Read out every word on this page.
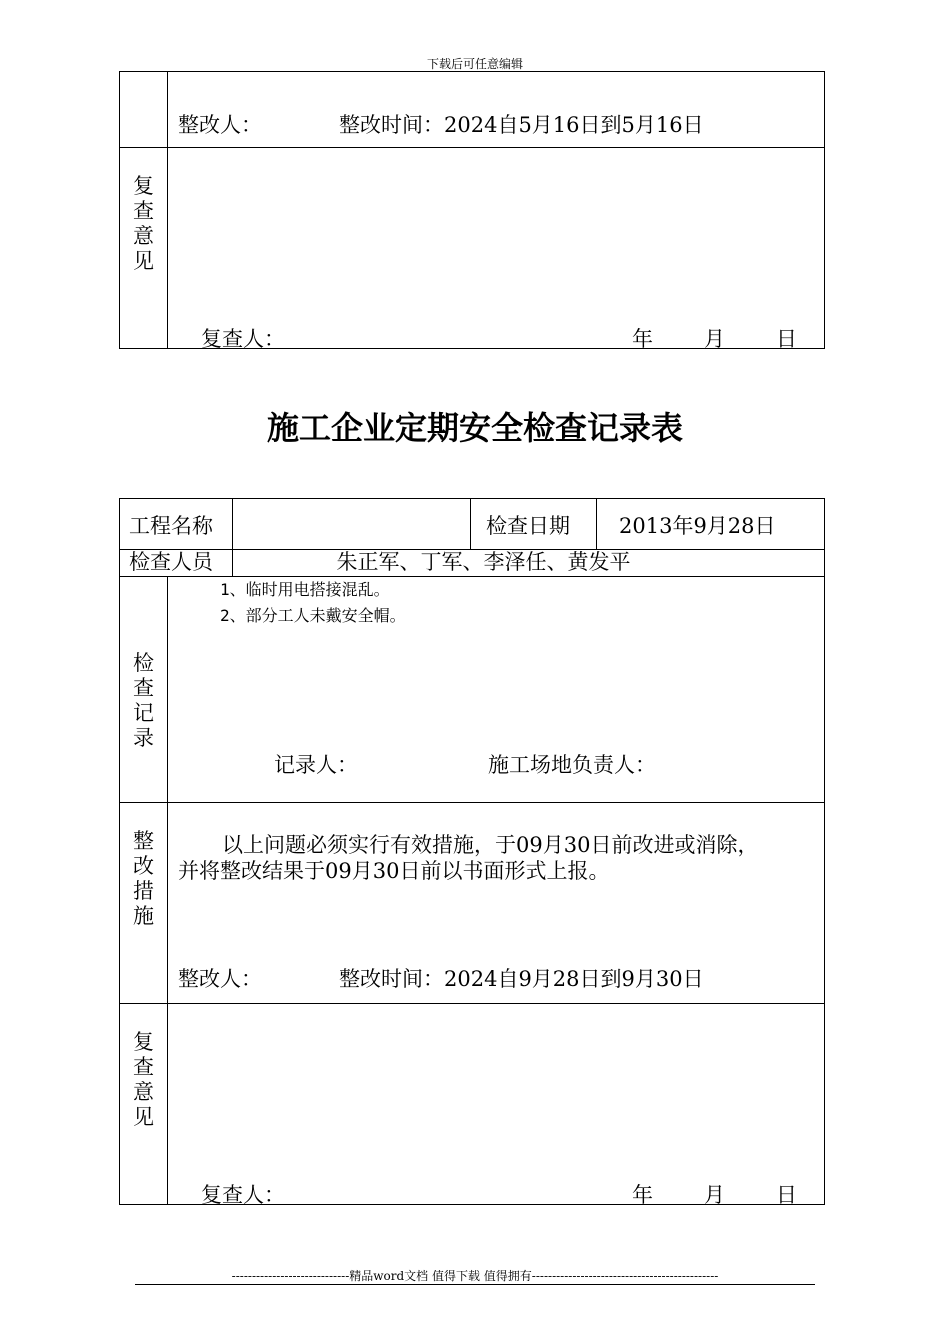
下载后可任意编辑

	整改人： 整改时间：2024自5月16日到5月16日

复查意见	复查人： 年 月 日
施工企业定期安全检查记录表
工程名称			检查日期	2013年9月28日

检查人员		朱正军、丁军、李泽任、黄发平		

检查记录	1、临时用电搭接混乱。
2、部分工人未戴安全帽。
记录人： 施工场地负责人：			

整改措施	以上问题必须实行有效措施，于09月30日前改进或消除，
并将整改结果于09月30日前以书面形式上报。
整改人： 整改时间：2024自9月28日到9月30日			

复查意见	复查人： 年 月 日			
-----------------------------精品word文档 值得下载 值得拥有----------------------------------------------
